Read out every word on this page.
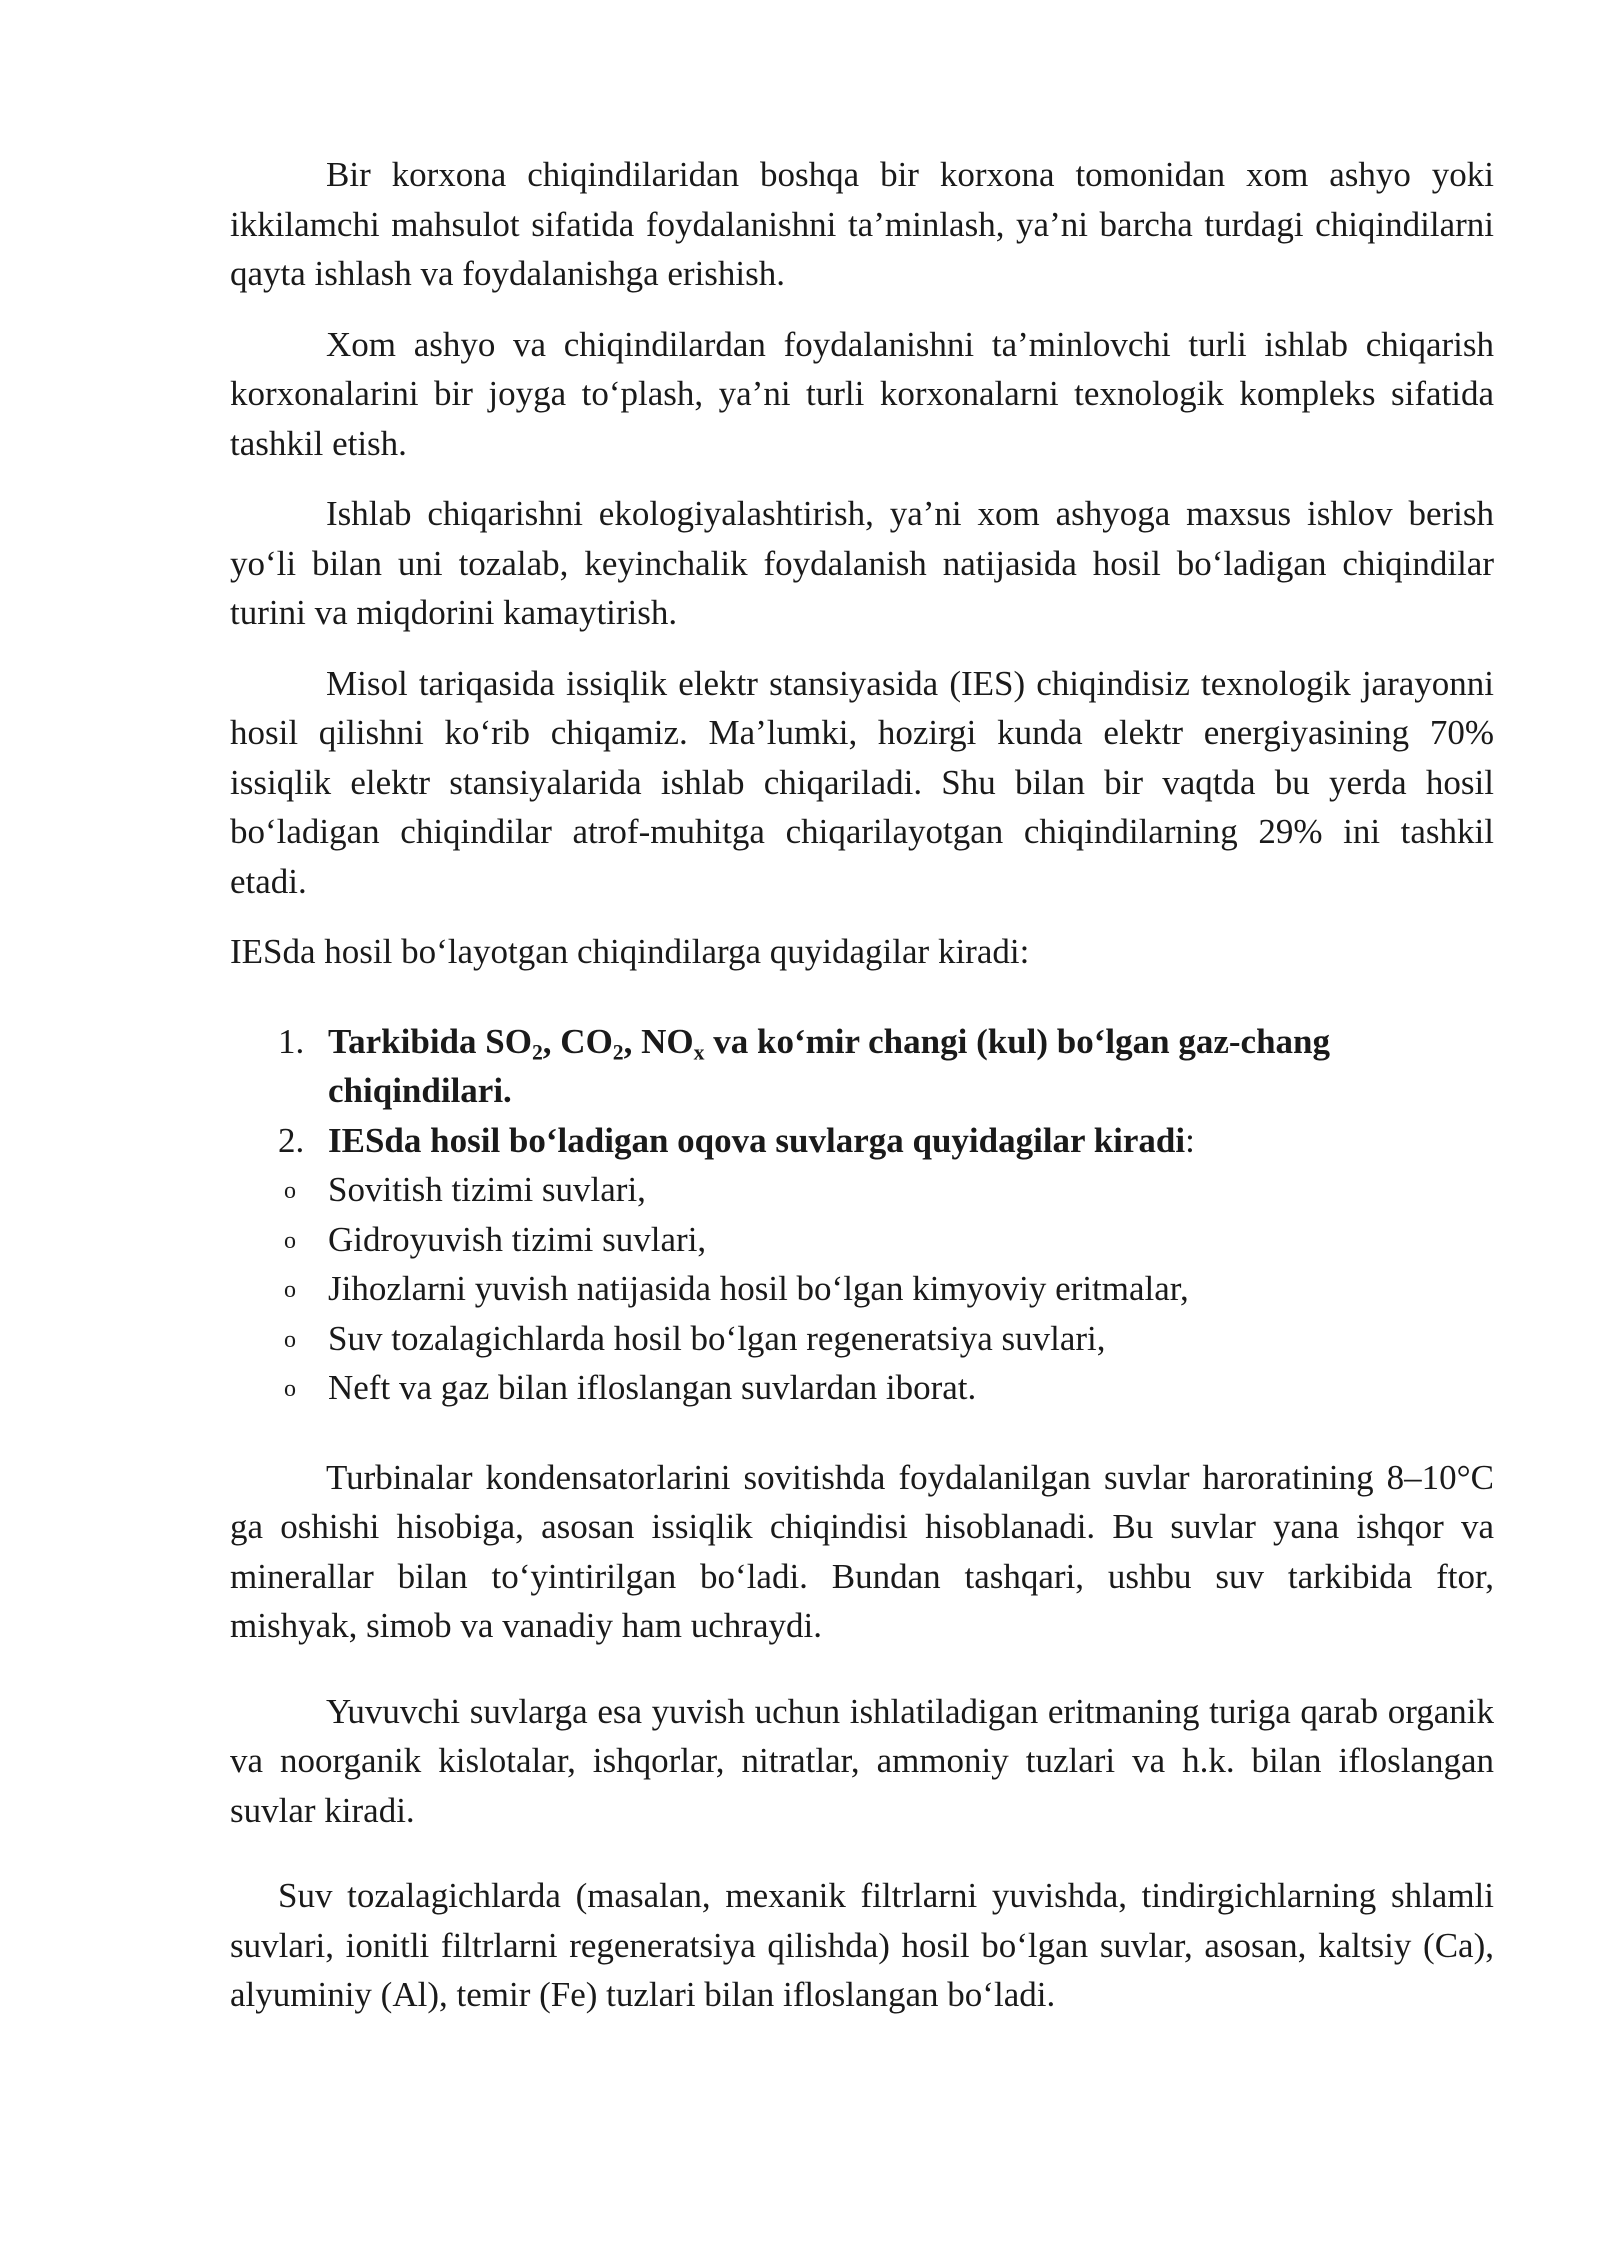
Bir korxona chiqindilaridan boshqa bir korxona tomonidan xom ashyo yoki ikkilamchi mahsulot sifatida foydalanishni ta’minlash, ya’ni barcha turdagi chiqindilarni qayta ishlash va foydalanishga erishish.

Xom ashyo va chiqindilardan foydalanishni ta’minlovchi turli ishlab chiqarish korxonalarini bir joyga to‘plash, ya’ni turli korxonalarni texnologik kompleks sifatida tashkil etish.

Ishlab chiqarishni ekologiyalashtirish, ya’ni xom ashyoga maxsus ishlov berish yo‘li bilan uni tozalab, keyinchalik foydalanish natijasida hosil bo‘ladigan chiqindilar turini va miqdorini kamaytirish.

Misol tariqasida issiqlik elektr stansiyasida (IES) chiqindisiz texnologik jarayonni hosil qilishni ko‘rib chiqamiz. Ma’lumki, hozirgi kunda elektr energiyasining 70% issiqlik elektr stansiyalarida ishlab chiqariladi. Shu bilan bir vaqtda bu yerda hosil bo‘ladigan chiqindilar atrof-muhitga chiqarilayotgan chiqindilarning 29% ini tashkil etadi.

IESda hosil bo‘layotgan chiqindilarga quyidagilar kiradi:

1. Tarkibida $SO_2$, $CO_2$, $NO_x$ va ko‘mir changi (kul) bo‘lgan gaz-chang chiqindilari.
2. IESda hosil bo‘ladigan oqova suvlarga quyidagilar kiradi:
o Sovitish tizimi suvlari,
o Gidroyuvish tizimi suvlari,
o Jihozlarni yuvish natijasida hosil bo‘lgan kimyoviy eritmalar,
o Suv tozalagichlarda hosil bo‘lgan regeneratsiya suvlari,
o Neft va gaz bilan ifloslangan suvlardan iborat.

Turbinalar kondensatorlarini sovitishda foydalanilgan suvlar haroratining 8–10°C ga oshishi hisobiga, asosan issiqlik chiqindisi hisoblanadi. Bu suvlar yana ishqor va minerallar bilan to‘yintirilgan bo‘ladi. Bundan tashqari, ushbu suv tarkibida ftor, mishyak, simob va vanadiy ham uchraydi.

Yuvuvchi suvlarga esa yuvish uchun ishlatiladigan eritmaning turiga qarab organik va noorganik kislotalar, ishqorlar, nitratlar, ammoniy tuzlari va h.k. bilan ifloslangan suvlar kiradi.

Suv tozalagichlarda (masalan, mexanik filtrlarni yuvishda, tindirgichlarning shlamli suvlari, ionitli filtrlarni regeneratsiya qilishda) hosil bo‘lgan suvlar, asosan, kaltsiy (Ca), alyuminiy (Al), temir (Fe) tuzlari bilan ifloslangan bo‘ladi.
